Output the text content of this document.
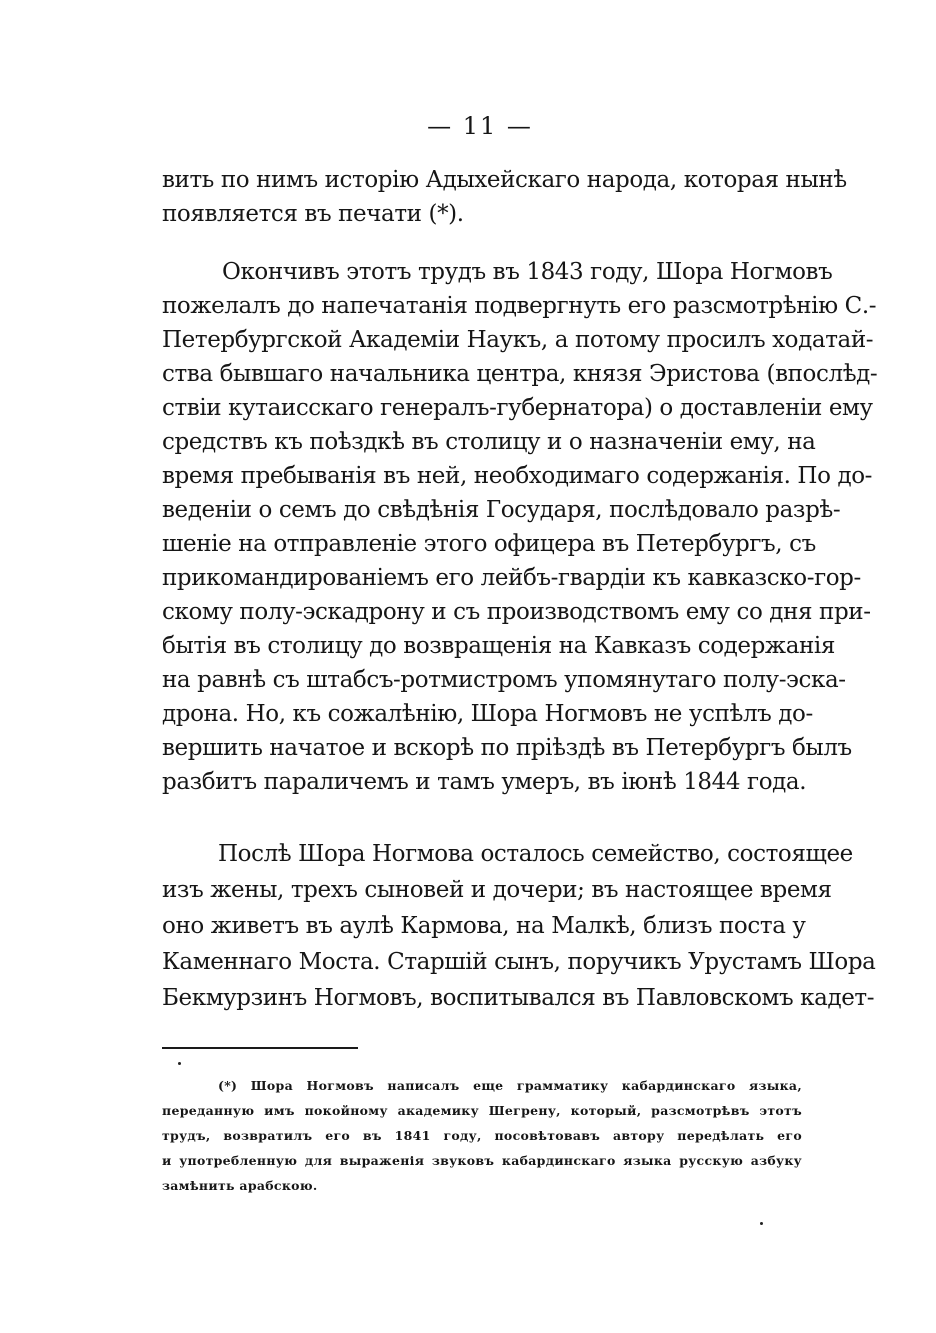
— 11 —
вить по нимъ исторію Адыхейскаго народа, которая нынѣ
появляется въ печати (*).
Окончивъ этотъ трудъ въ 1843 году, Шора Ногмовъ
пожелалъ до напечатанія подвергнуть его разсмотрѣнію С.-
Петербургской Академіи Наукъ, а потому просилъ ходатай-
ства бывшаго начальника центра, князя Эристова (впослѣд-
ствіи кутаисскаго генералъ-губернатора) о доставленіи ему
средствъ къ поѣздкѣ въ столицу и о назначеніи ему, на
время пребыванія въ ней, необходимаго содержанія. По до-
веденіи о семъ до свѣдѣнія Государя, послѣдовало разрѣ-
шеніе на отправленіе этого офицера въ Петербургъ, съ
прикомандированіемъ его лейбъ-гвардіи къ кавказско-гор-
скому полу-эскадрону и съ производствомъ ему со дня при-
бытія въ столицу до возвращенія на Кавказъ содержанія
на равнѣ съ штабсъ-ротмистромъ упомянутаго полу-эска-
дрона. Но, къ сожалѣнію, Шора Ногмовъ не успѣлъ до-
вершить начатое и вскорѣ по пріѣздѣ въ Петербургъ былъ
разбитъ параличемъ и тамъ умеръ, въ іюнѣ 1844 года.
Послѣ Шора Ногмова осталось семейство, состоящее
изъ жены, трехъ сыновей и дочери; въ настоящее время
оно живетъ въ аулѣ Кармова, на Малкѣ, близъ поста у
Каменнаго Моста. Старшій сынъ, поручикъ Урустамъ Шора
Бекмурзинъ Ногмовъ, воспитывался въ Павловскомъ кадет-
(*) Шора Ногмовъ написалъ еще грамматику кабардинскаго языка,
переданную имъ покойному академику Шегрену, который, разсмотрѣвъ этотъ
трудъ, возвратилъ его въ 1841 году, посовѣтовавъ автору передѣлать его
и употребленную для выраженія звуковъ кабардинскаго языка русскую азбуку
замѣнить арабскою.
